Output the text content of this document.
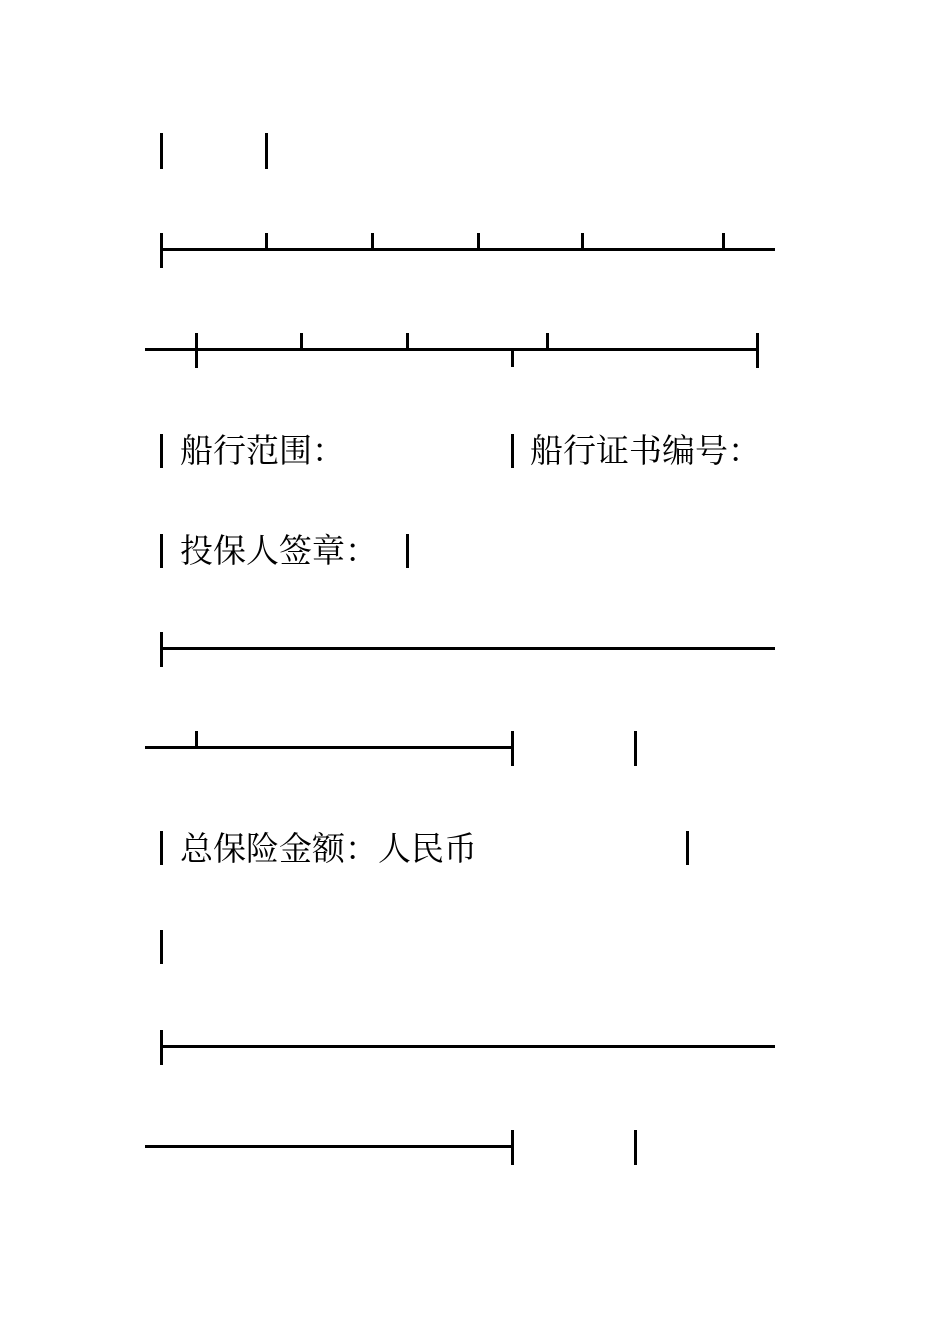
船行范围：	船行证书编号：
投保人签章：
总保险金额：人民币
